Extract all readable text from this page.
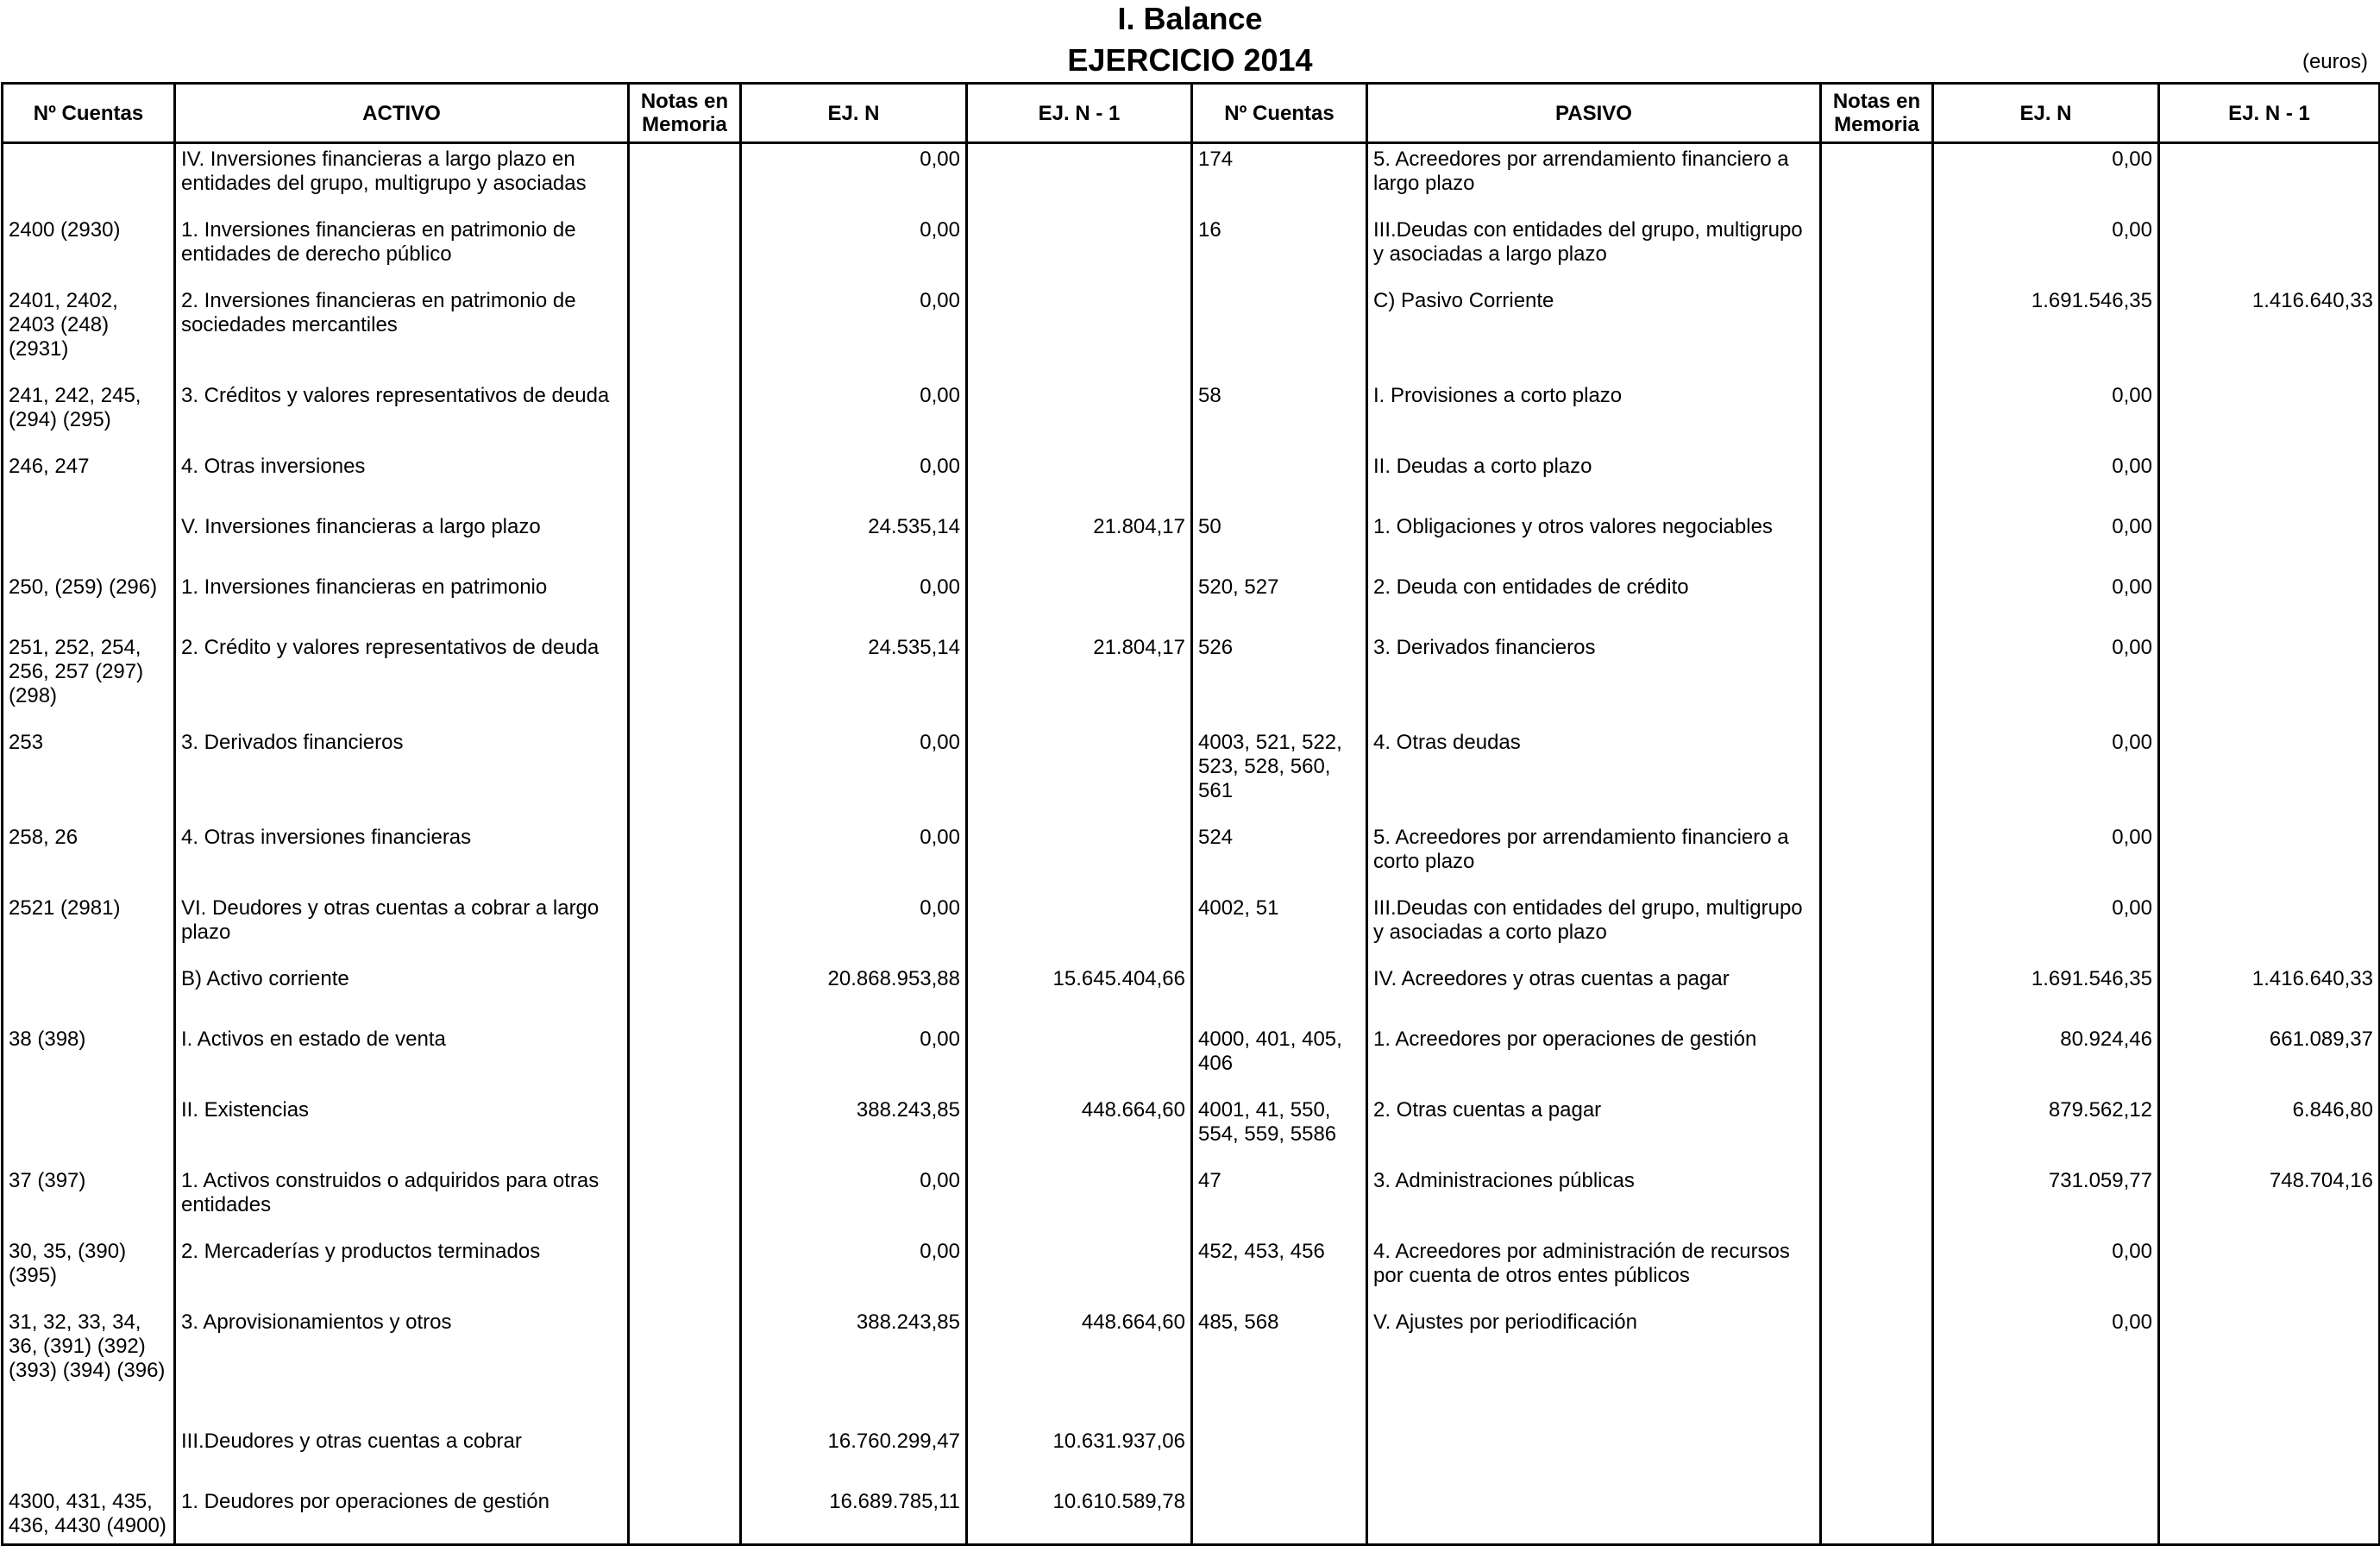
I. Balance
EJERCICIO 2014	(euros)
Nº Cuentas	ACTIVO	Notas en Memoria	EJ. N	EJ. N - 1	Nº Cuentas	PASIVO	Notas en Memoria	EJ. N	EJ. N - 1
	IV. Inversiones financieras a largo plazo en entidades del grupo, multigrupo y asociadas		0,00		174	5. Acreedores por arrendamiento financiero a largo plazo		0,00	
2400 (2930)	1. Inversiones financieras en patrimonio de entidades de derecho público		0,00		16	III.Deudas con entidades del grupo, multigrupo y asociadas a largo plazo		0,00	
2401, 2402, 2403 (248) (2931)	2. Inversiones financieras en patrimonio de sociedades mercantiles		0,00			C) Pasivo Corriente		1.691.546,35	1.416.640,33
241, 242, 245, (294) (295)	3. Créditos y valores representativos de deuda		0,00		58	I. Provisiones a corto plazo		0,00	
246, 247	4. Otras inversiones		0,00			II. Deudas a corto plazo		0,00	
	V. Inversiones financieras a largo plazo		24.535,14	21.804,17	50	1. Obligaciones y otros valores negociables		0,00	
250, (259) (296)	1. Inversiones financieras en patrimonio		0,00		520, 527	2. Deuda con entidades de crédito		0,00	
251, 252, 254, 256, 257 (297) (298)	2. Crédito y valores representativos de deuda		24.535,14	21.804,17	526	3. Derivados financieros		0,00	
253	3. Derivados financieros		0,00		4003, 521, 522, 523, 528, 560, 561	4. Otras deudas		0,00	
258, 26	4. Otras inversiones financieras		0,00		524	5. Acreedores por arrendamiento financiero a corto plazo		0,00	
2521 (2981)	VI. Deudores y otras cuentas a cobrar a largo plazo		0,00		4002, 51	III.Deudas con entidades del grupo, multigrupo y asociadas a corto plazo		0,00	
	B) Activo corriente		20.868.953,88	15.645.404,66		IV. Acreedores y otras cuentas a pagar		1.691.546,35	1.416.640,33
38 (398)	I. Activos en estado de venta		0,00		4000, 401, 405, 406	1. Acreedores por operaciones de gestión		80.924,46	661.089,37
	II. Existencias		388.243,85	448.664,60	4001, 41, 550, 554, 559, 5586	2. Otras cuentas a pagar		879.562,12	6.846,80
37 (397)	1. Activos construidos o adquiridos para otras entidades		0,00		47	3. Administraciones públicas		731.059,77	748.704,16
30, 35, (390) (395)	2. Mercaderías y productos terminados		0,00		452, 453, 456	4. Acreedores por administración de recursos por cuenta de otros entes públicos		0,00	
31, 32, 33, 34, 36, (391) (392) (393) (394) (396)	3. Aprovisionamientos y otros		388.243,85	448.664,60	485, 568	V. Ajustes por periodificación		0,00	
	III.Deudores y otras cuentas a cobrar		16.760.299,47	10.631.937,06					
4300, 431, 435, 436, 4430 (4900)	1. Deudores por operaciones de gestión		16.689.785,11	10.610.589,78					
